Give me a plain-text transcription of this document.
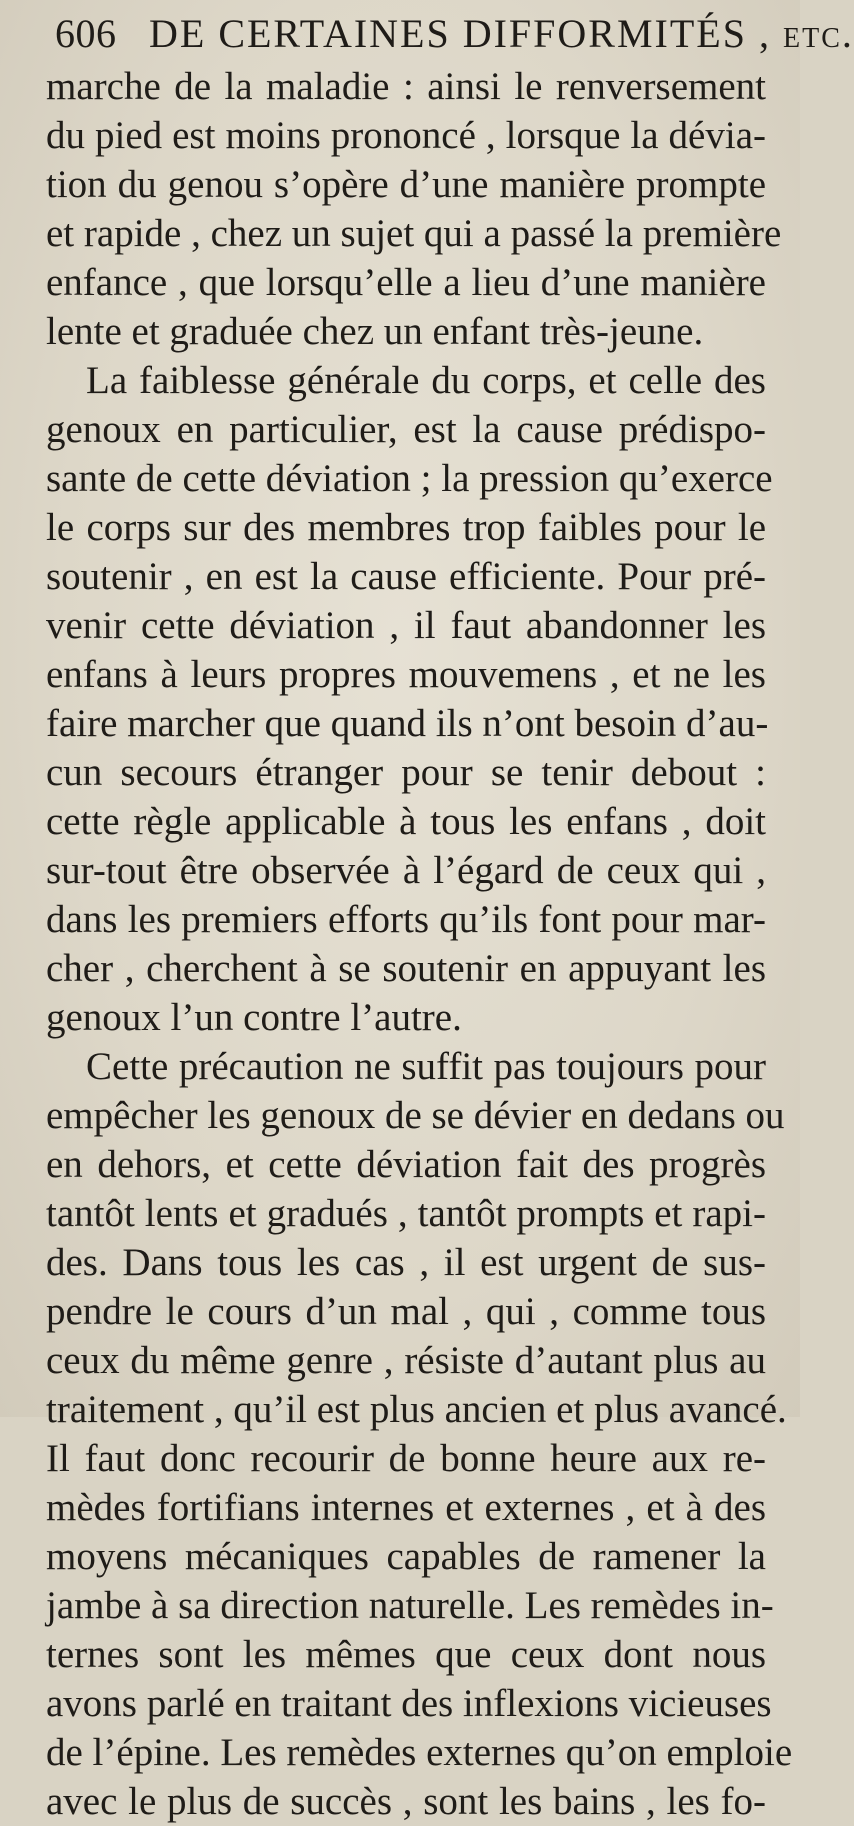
606 DE CERTAINES DIFFORMITÉS , etc.
marche de la maladie : ainsi le renversement
du pied est moins prononcé , lorsque la dévia-
tion du genou s’opère d’une manière prompte
et rapide , chez un sujet qui a passé la première
enfance , que lorsqu’elle a lieu d’une manière
lente et graduée chez un enfant très-jeune.
La faiblesse générale du corps, et celle des
genoux en particulier, est la cause prédispo-
sante de cette déviation ; la pression qu’exerce
le corps sur des membres trop faibles pour le
soutenir , en est la cause efficiente. Pour pré-
venir cette déviation , il faut abandonner les
enfans à leurs propres mouvemens , et ne les
faire marcher que quand ils n’ont besoin d’au-
cun secours étranger pour se tenir debout :
cette règle applicable à tous les enfans , doit
sur-tout être observée à l’égard de ceux qui ,
dans les premiers efforts qu’ils font pour mar-
cher , cherchent à se soutenir en appuyant les
genoux l’un contre l’autre.
Cette précaution ne suffit pas toujours pour
empêcher les genoux de se dévier en dedans ou
en dehors, et cette déviation fait des progrès
tantôt lents et gradués , tantôt prompts et rapi-
des. Dans tous les cas , il est urgent de sus-
pendre le cours d’un mal , qui , comme tous
ceux du même genre , résiste d’autant plus au
traitement , qu’il est plus ancien et plus avancé.
Il faut donc recourir de bonne heure aux re-
mèdes fortifians internes et externes , et à des
moyens mécaniques capables de ramener la
jambe à sa direction naturelle. Les remèdes in-
ternes sont les mêmes que ceux dont nous
avons parlé en traitant des inflexions vicieuses
de l’épine. Les remèdes externes qu’on emploie
avec le plus de succès , sont les bains , les fo-
